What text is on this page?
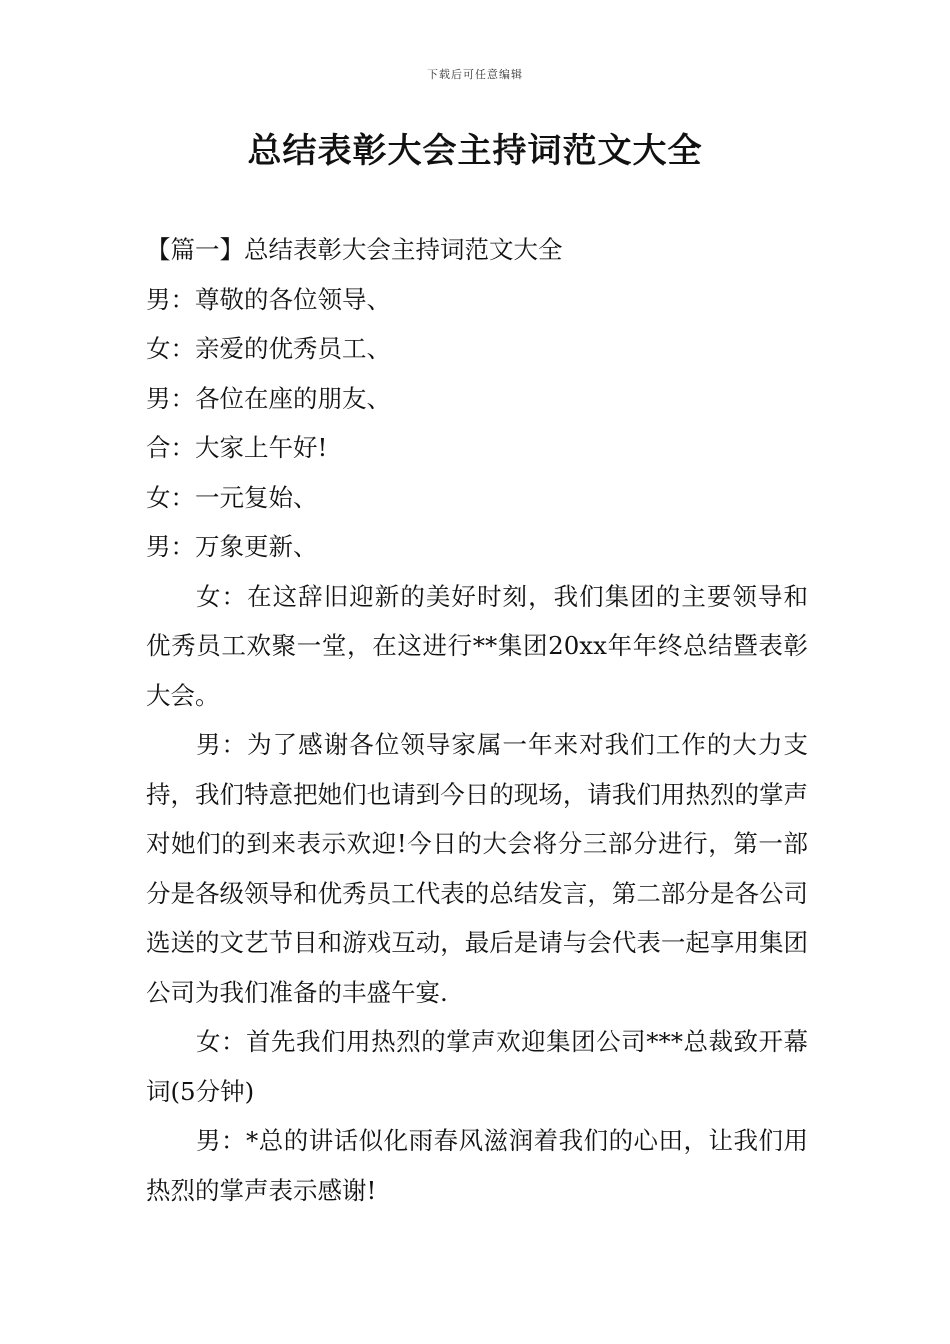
下载后可任意编辑
总结表彰大会主持词范文大全

【篇一】总结表彰大会主持词范文大全

男：尊敬的各位领导、

女：亲爱的优秀员工、

男：各位在座的朋友、

合：大家上午好!

女：一元复始、

男：万象更新、

女：在这辞旧迎新的美好时刻，我们集团的主要领导和优秀员工欢聚一堂，在这进行**集团20xx年年终总结暨表彰大会。

男：为了感谢各位领导家属一年来对我们工作的大力支持，我们特意把她们也请到今日的现场，请我们用热烈的掌声对她们的到来表示欢迎!今日的大会将分三部分进行，第一部分是各级领导和优秀员工代表的总结发言，第二部分是各公司选送的文艺节目和游戏互动，最后是请与会代表一起享用集团公司为我们准备的丰盛午宴.

女：首先我们用热烈的掌声欢迎集团公司***总裁致开幕词(5分钟)

男：*总的讲话似化雨春风滋润着我们的心田，让我们用热烈的掌声表示感谢!
